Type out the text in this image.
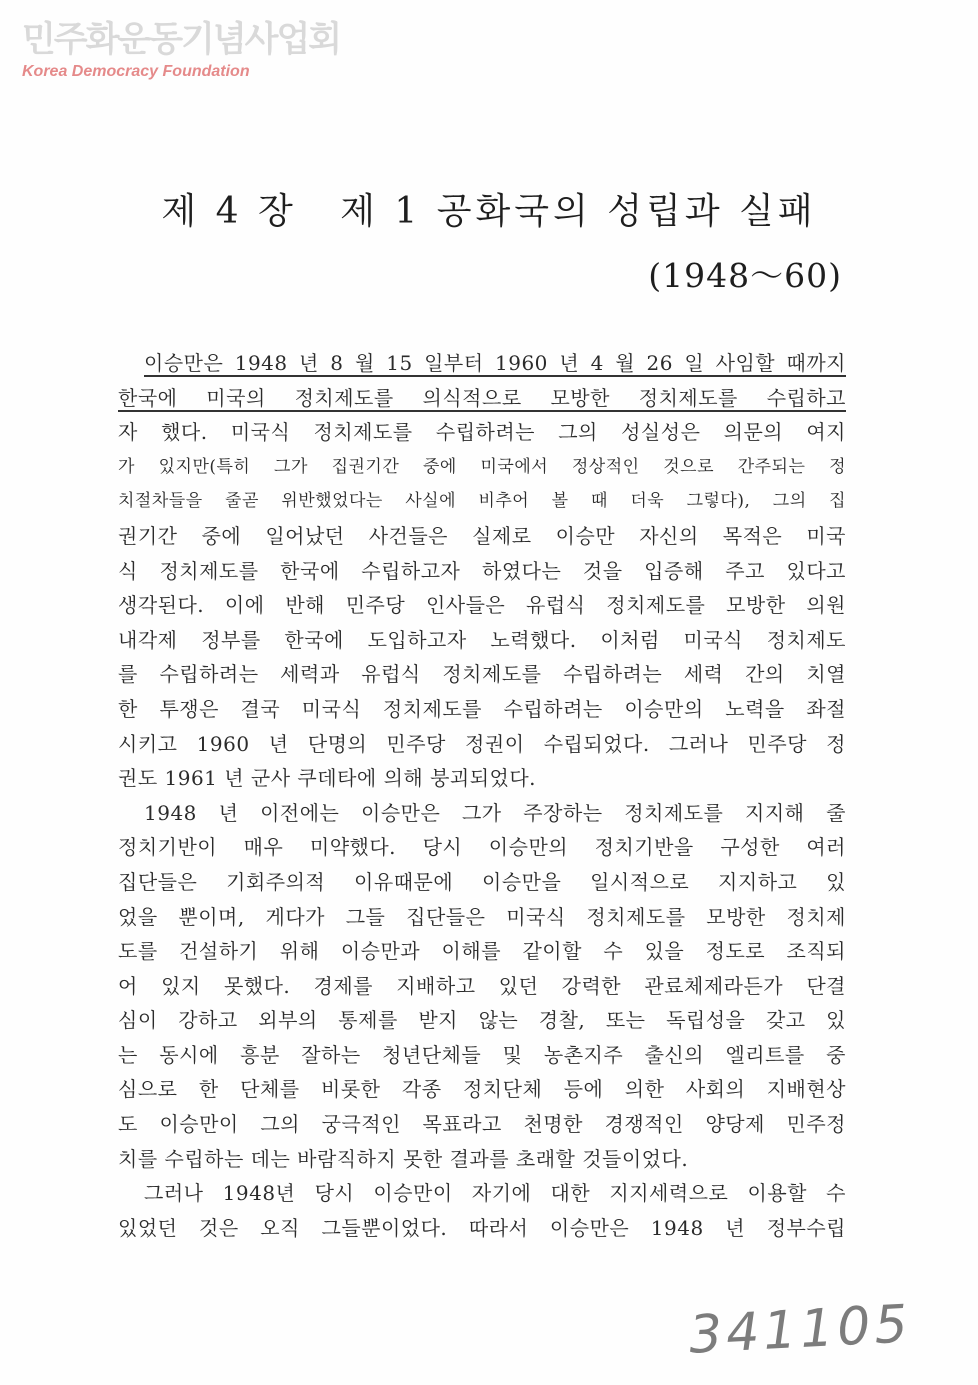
민주화운동기념사업회
Korea Democracy Foundation
제 4 장 제 1 공화국의 성립과 실패
(1948～60)
이승만은 1948 년 8 월 15 일부터 1960 년 4 월 26 일 사임할 때까지
한국에 미국의 정치제도를 의식적으로 모방한 정치제도를 수립하고
자 했다. 미국식 정치제도를 수립하려는 그의 성실성은 의문의 여지
가 있지만(특히 그가 집권기간 중에 미국에서 정상적인 것으로 간주되는 정
치절차들을 줄곧 위반했었다는 사실에 비추어 볼 때 더욱 그렇다), 그의 집
권기간 중에 일어났던 사건들은 실제로 이승만 자신의 목적은 미국
식 정치제도를 한국에 수립하고자 하였다는 것을 입증해 주고 있다고
생각된다. 이에 반해 민주당 인사들은 유럽식 정치제도를 모방한 의원
내각제 정부를 한국에 도입하고자 노력했다. 이처럼 미국식 정치제도
를 수립하려는 세력과 유럽식 정치제도를 수립하려는 세력 간의 치열
한 투쟁은 결국 미국식 정치제도를 수립하려는 이승만의 노력을 좌절
시키고 1960 년 단명의 민주당 정권이 수립되었다. 그러나 민주당 정
권도 1961 년 군사 쿠데타에 의해 붕괴되었다.
1948 년 이전에는 이승만은 그가 주장하는 정치제도를 지지해 줄
정치기반이 매우 미약했다. 당시 이승만의 정치기반을 구성한 여러
집단들은 기회주의적 이유때문에 이승만을 일시적으로 지지하고 있
었을 뿐이며, 게다가 그들 집단들은 미국식 정치제도를 모방한 정치제
도를 건설하기 위해 이승만과 이해를 같이할 수 있을 정도로 조직되
어 있지 못했다. 경제를 지배하고 있던 강력한 관료체제라든가 단결
심이 강하고 외부의 통제를 받지 않는 경찰, 또는 독립성을 갖고 있
는 동시에 흥분 잘하는 청년단체들 및 농촌지주 출신의 엘리트를 중
심으로 한 단체를 비롯한 각종 정치단체 등에 의한 사회의 지배현상
도 이승만이 그의 궁극적인 목표라고 천명한 경쟁적인 양당제 민주정
치를 수립하는 데는 바람직하지 못한 결과를 초래할 것들이었다.
그러나 1948년 당시 이승만이 자기에 대한 지지세력으로 이용할 수
있었던 것은 오직 그들뿐이었다. 따라서 이승만은 1948 년 정부수립
341105
